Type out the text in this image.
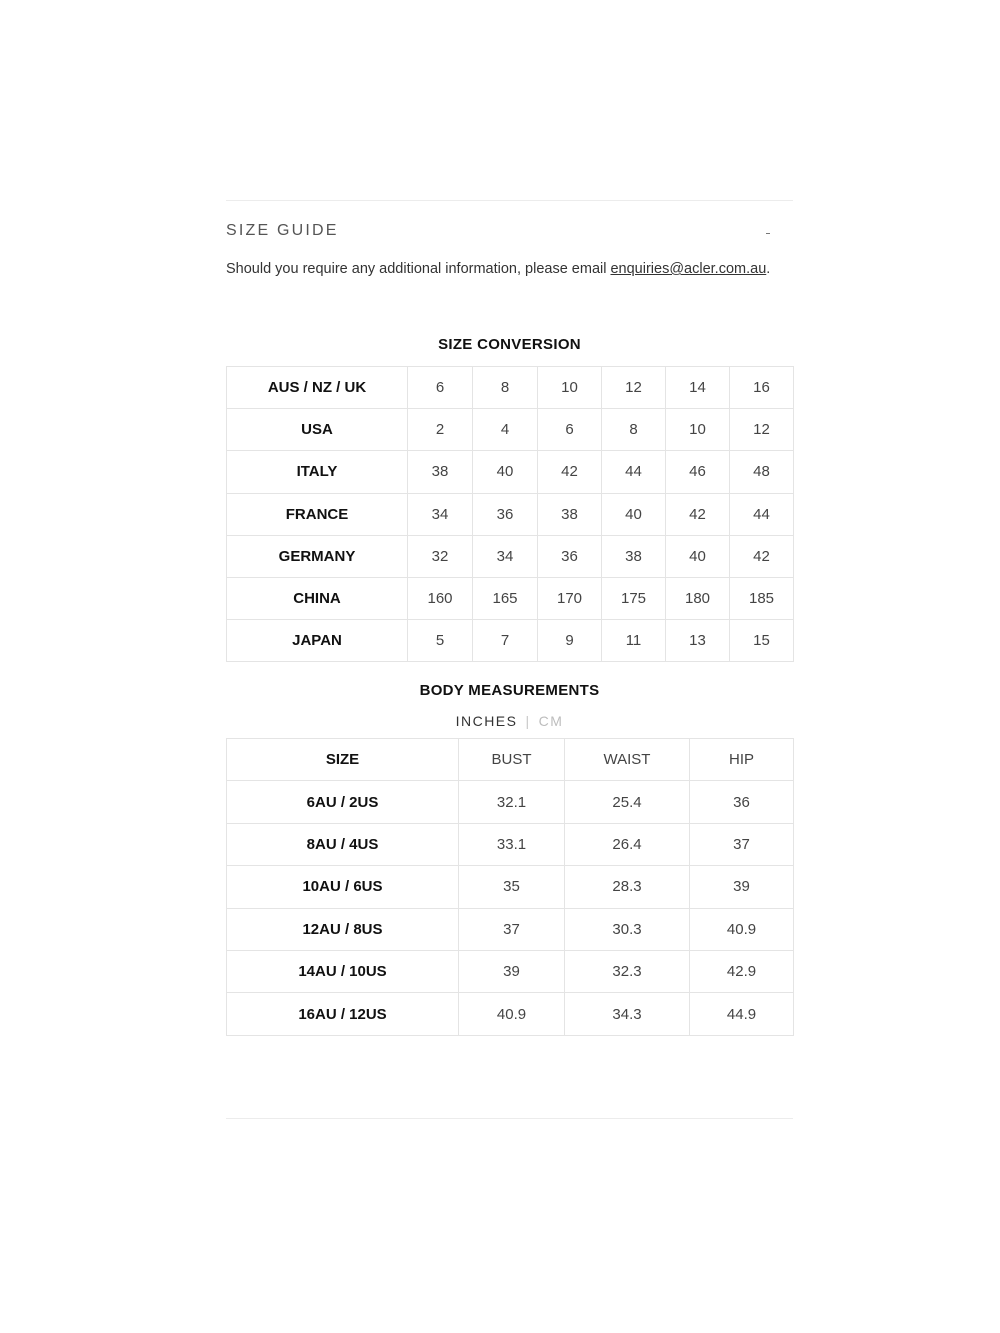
SIZE GUIDE
Should you require any additional information, please email enquiries@acler.com.au.
SIZE CONVERSION
AUS / NZ / UK	6	8	10	12	14	16
USA	2	4	6	8	10	12
ITALY	38	40	42	44	46	48
FRANCE	34	36	38	40	42	44
GERMANY	32	34	36	38	40	42
CHINA	160	165	170	175	180	185
JAPAN	5	7	9	11	13	15
BODY MEASUREMENTS
INCHES | CM
SIZE	BUST	WAIST	HIP
6AU / 2US	32.1	25.4	36
8AU / 4US	33.1	26.4	37
10AU / 6US	35	28.3	39
12AU / 8US	37	30.3	40.9
14AU / 10US	39	32.3	42.9
16AU / 12US	40.9	34.3	44.9
